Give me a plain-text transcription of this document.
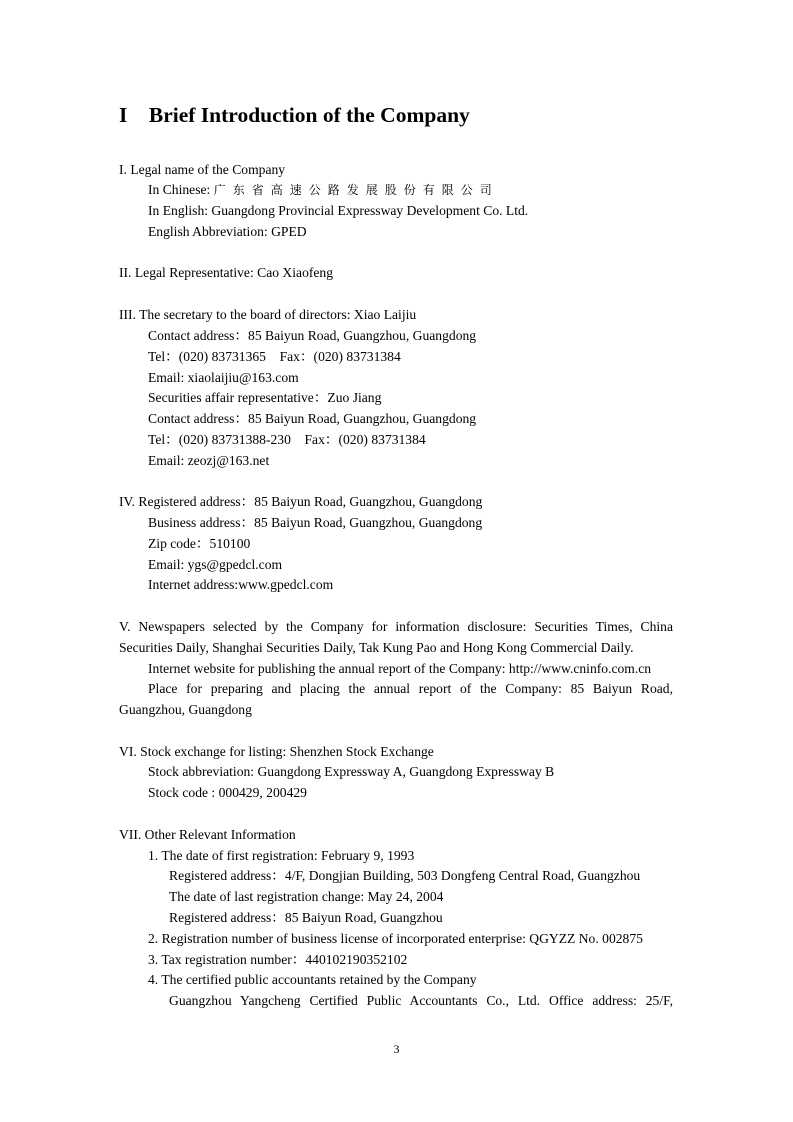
I    Brief Introduction of the Company
I. Legal name of the Company
In Chinese: 广东省高速公路发展股份有限公司
In English: Guangdong Provincial Expressway Development Co. Ltd.
English Abbreviation: GPED
II. Legal Representative: Cao Xiaofeng
III. The secretary to the board of directors: Xiao Laijiu
Contact address：85 Baiyun Road, Guangzhou, Guangdong
Tel：(020) 83731365    Fax：(020) 83731384
Email: xiaolaijiu@163.com
Securities affair representative：Zuo Jiang
Contact address：85 Baiyun Road, Guangzhou, Guangdong
Tel：(020) 83731388-230    Fax：(020) 83731384
Email: zeozj@163.net
IV. Registered address：85 Baiyun Road, Guangzhou, Guangdong
Business address：85 Baiyun Road, Guangzhou, Guangdong
Zip code：510100
Email: ygs@gpedcl.com
Internet address:www.gpedcl.com
V. Newspapers selected by the Company for information disclosure: Securities Times, China
Securities Daily, Shanghai Securities Daily, Tak Kung Pao and Hong Kong Commercial Daily.
Internet website for publishing the annual report of the Company: http://www.cninfo.com.cn
Place for preparing and placing the annual report of the Company: 85 Baiyun Road,
Guangzhou, Guangdong
VI. Stock exchange for listing: Shenzhen Stock Exchange
Stock abbreviation: Guangdong Expressway A, Guangdong Expressway B
Stock code : 000429, 200429
VII. Other Relevant Information
1. The date of first registration: February 9, 1993
Registered address：4/F, Dongjian Building, 503 Dongfeng Central Road, Guangzhou
The date of last registration change: May 24, 2004
Registered address：85 Baiyun Road, Guangzhou
2. Registration number of business license of incorporated enterprise: QGYZZ No. 002875
3. Tax registration number：440102190352102
4. The certified public accountants retained by the Company
Guangzhou Yangcheng Certified Public Accountants Co., Ltd. Office address: 25/F,
3
